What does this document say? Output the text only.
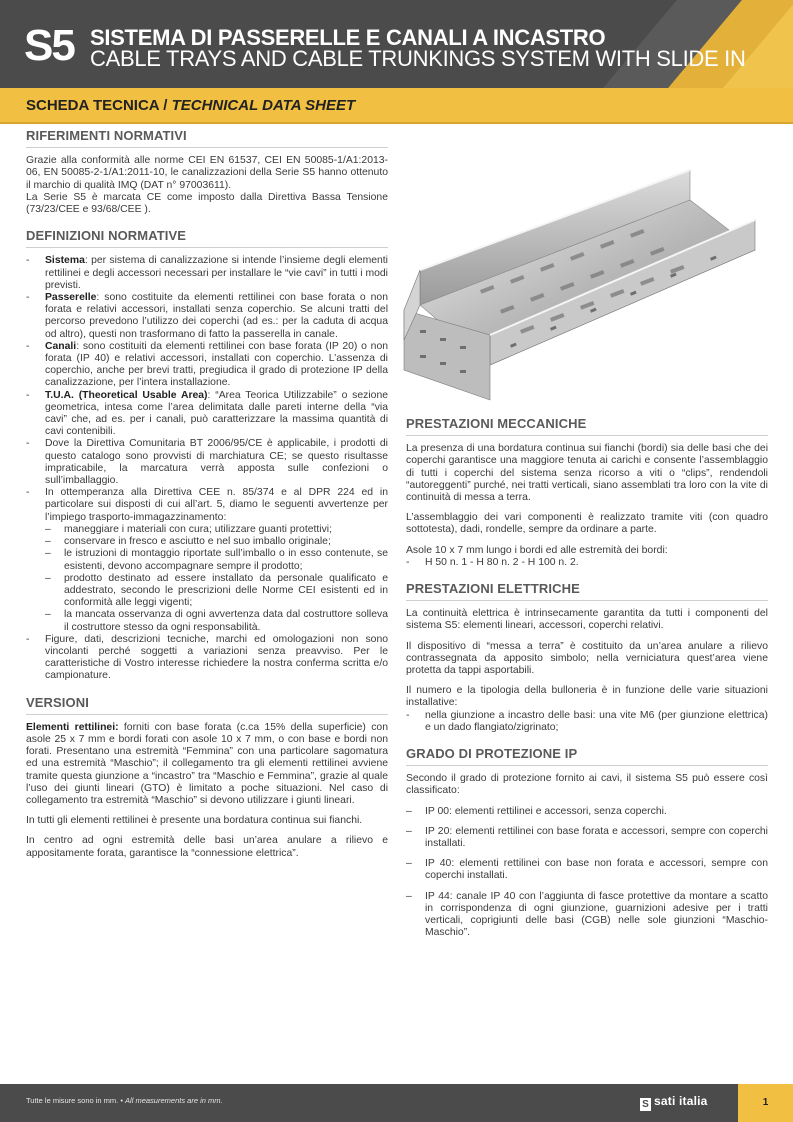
S5 SISTEMA DI PASSERELLE E CANALI A INCASTRO
CABLE TRAYS AND CABLE TRUNKINGS SYSTEM WITH SLIDE IN
SCHEDA TECNICA / TECHNICAL DATA SHEET
RIFERIMENTI NORMATIVI

Grazie alla conformità alle norme CEI EN 61537, CEI EN 50085-1/A1:2013-06, EN 50085-2-1/A1:2011-10, le canalizzazioni della Serie S5 hanno ottenuto il marchio di qualità IMQ (DAT n° 97003611).

La Serie S5 è marcata CE come imposto dalla Direttiva Bassa Tensione (73/23/CEE e 93/68/CEE ).

DEFINIZIONI NORMATIVE
- Sistema: per sistema di canalizzazione si intende l’insieme degli elementi rettilinei e degli accessori necessari per installare le “vie cavi” in tutti i modi previsti.
- Passerelle: sono costituite da elementi rettilinei con base forata o non forata e relativi accessori, installati senza coperchio. Se alcuni tratti del percorso prevedono l’utilizzo dei coperchi (ad es.: per la caduta di acqua od altro), questi non trasformano di fatto la passerella in canale.
- Canali: sono costituiti da elementi rettilinei con base forata (IP 20) o non forata (IP 40) e relativi accessori, installati con coperchio. L’assenza di coperchio, anche per brevi tratti, pregiudica il grado di protezione IP della canalizzazione, per l’intera installazione.
- T.U.A. (Theoretical Usable Area): “Area Teorica Utilizzabile” o sezione geometrica, intesa come l’area delimitata dalle pareti interne della “via cavi” che, ad es. per i canali, può caratterizzare la massima quantità di cavi contenibili.
- Dove la Direttiva Comunitaria BT 2006/95/CE è applicabile, i prodotti di questo catalogo sono provvisti di marchiatura CE; se questo risultasse impraticabile, la marcatura verrà apposta sulle confezioni o sull’imballaggio.
- In ottemperanza alla Direttiva CEE n. 85/374 e al DPR 224 ed in particolare sui disposti di cui all’art. 5, diamo le seguenti avvertenze per l’impiego trasporto-immagazzinamento:
– maneggiare i materiali con cura; utilizzare guanti protettivi;
– conservare in fresco e asciutto e nel suo imballo originale;
– le istruzioni di montaggio riportate sull’imballo o in esso contenute, se esistenti, devono accompagnare sempre il prodotto;
– prodotto destinato ad essere installato da personale qualificato e addestrato, secondo le prescrizioni delle Norme CEI esistenti ed in conformità alle leggi vigenti;
– la mancata osservanza di ogni avvertenza data dal costruttore solleva il costruttore stesso da ogni responsabilità.
- Figure, dati, descrizioni tecniche, marchi ed omologazioni non sono vincolanti perché soggetti a variazioni senza preavviso. Per le caratteristiche di Vostro interesse richiedere la nostra conferma scritta e/o campionature.
VERSIONI

Elementi rettilinei: forniti con base forata (c.ca 15% della superficie) con asole 25 x 7 mm e bordi forati con asole 10 x 7 mm, o con base e bordi non forati. Presentano una estremità “Femmina” con una particolare sagomatura ed una estremità “Maschio”; il collegamento tra gli elementi rettilinei avviene tramite questa giunzione a “incastro” tra “Maschio e Femmina”, grazie al quale l’uso dei giunti lineari (GTO) è limitato a poche situazioni. Nel caso di collegamento tra estremità “Maschio” si devono utilizzare i giunti lineari.

In tutti gli elementi rettilinei è presente una bordatura continua sui fianchi.

In centro ad ogni estremità delle basi un’area anulare a rilievo e appositamente forata, garantisce la “connessione elettrica”.

PRESTAZIONI MECCANICHE

La presenza di una bordatura continua sui fianchi (bordi) sia delle basi che dei coperchi garantisce una maggiore tenuta ai carichi e consente l’assemblaggio di tutti i coperchi del sistema senza ricorso a viti o “clips”, rendendoli “autoreggenti” purché, nei tratti verticali, siano assemblati tra loro con la vite di continuità di messa a terra.

L’assemblaggio dei vari componenti è realizzato tramite viti (con quadro sottotesta), dadi, rondelle, sempre da ordinare a parte.

Asole 10 x 7 mm lungo i bordi ed alle estremità dei bordi:

- H 50 n. 1 - H 80 n. 2 - H 100 n. 2.
PRESTAZIONI ELETTRICHE

La continuità elettrica è intrinsecamente garantita da tutti i componenti del sistema S5: elementi lineari, accessori, coperchi relativi.

Il dispositivo di “messa a terra” è costituito da un’area anulare a rilievo contrassegnata da apposito simbolo; nella verniciatura quest’area viene protetta da tappi asportabili.

Il numero e la tipologia della bulloneria è in funzione delle varie situazioni installative:

- nella giunzione a incastro delle basi: una vite M6 (per giunzione elettrica) e un dado flangiato/zigrinato;
GRADO DI PROTEZIONE IP

Secondo il grado di protezione fornito ai cavi, il sistema S5 può essere così classificato:

– IP 00: elementi rettilinei e accessori, senza coperchi.
– IP 20: elementi rettilinei con base forata e accessori, sempre con coperchi installati.
– IP 40: elementi rettilinei con base non forata e accessori, sempre con coperchi installati.
– IP 44: canale IP 40 con l’aggiunta di fasce protettive da montare a scatto in corrispondenza di ogni giunzione, guarnizioni adesive per i tratti verticali, coprigiunti delle basi (CGB) nelle sole giunzioni “Maschio-Maschio”.
Tutte le misure sono in mm. • All measurements are in mm.	S sati italia	1
